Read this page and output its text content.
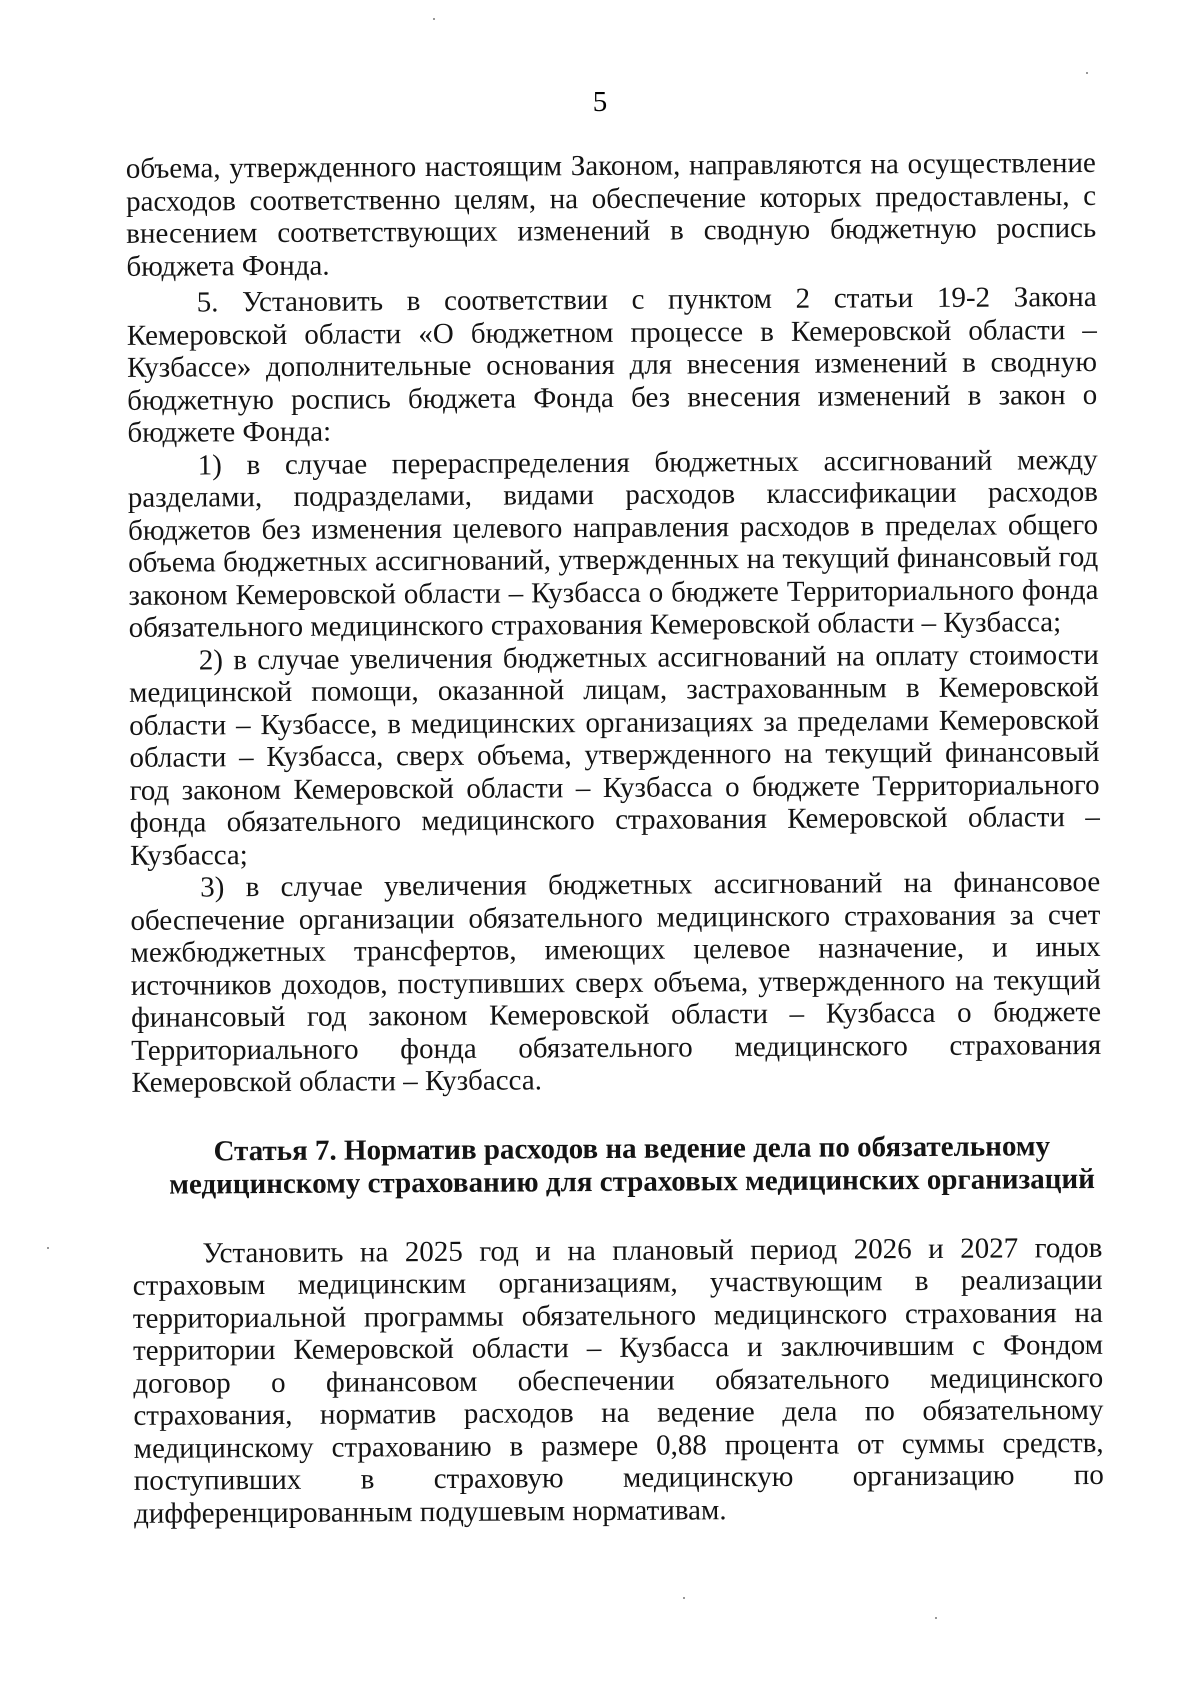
5

объема, утвержденного настоящим Законом, направляются на осуществление расходов соответственно целям, на обеспечение которых предоставлены, с внесением соответствующих изменений в сводную бюджетную роспись бюджета Фонда.

5. Установить в соответствии с пунктом 2 статьи 19-2 Закона Кемеровской области «О бюджетном процессе в Кемеровской области – Кузбассе» дополнительные основания для внесения изменений в сводную бюджетную роспись бюджета Фонда без внесения изменений в закон о бюджете Фонда:

1) в случае перераспределения бюджетных ассигнований между разделами, подразделами, видами расходов классификации расходов бюджетов без изменения целевого направления расходов в пределах общего объема бюджетных ассигнований, утвержденных на текущий финансовый год законом Кемеровской области – Кузбасса о бюджете Территориального фонда обязательного медицинского страхования Кемеровской области – Кузбасса;

2) в случае увеличения бюджетных ассигнований на оплату стоимости медицинской помощи, оказанной лицам, застрахованным в Кемеровской области – Кузбассе, в медицинских организациях за пределами Кемеровской области – Кузбасса, сверх объема, утвержденного на текущий финансовый год законом Кемеровской области – Кузбасса о бюджете Территориального фонда обязательного медицинского страхования Кемеровской области – Кузбасса;

3) в случае увеличения бюджетных ассигнований на финансовое обеспечение организации обязательного медицинского страхования за счет межбюджетных трансфертов, имеющих целевое назначение, и иных источников доходов, поступивших сверх объема, утвержденного на текущий финансовый год законом Кемеровской области – Кузбасса о бюджете Территориального фонда обязательного медицинского страхования Кемеровской области – Кузбасса.

Статья 7. Норматив расходов на ведение дела по обязательному медицинскому страхованию для страховых медицинских организаций

Установить на 2025 год и на плановый период 2026 и 2027 годов страховым медицинским организациям, участвующим в реализации территориальной программы обязательного медицинского страхования на территории Кемеровской области – Кузбасса и заключившим с Фондом договор о финансовом обеспечении обязательного медицинского страхования, норматив расходов на ведение дела по обязательному медицинскому страхованию в размере 0,88 процента от суммы средств, поступивших в страховую медицинскую организацию по дифференцированным подушевым нормативам.
